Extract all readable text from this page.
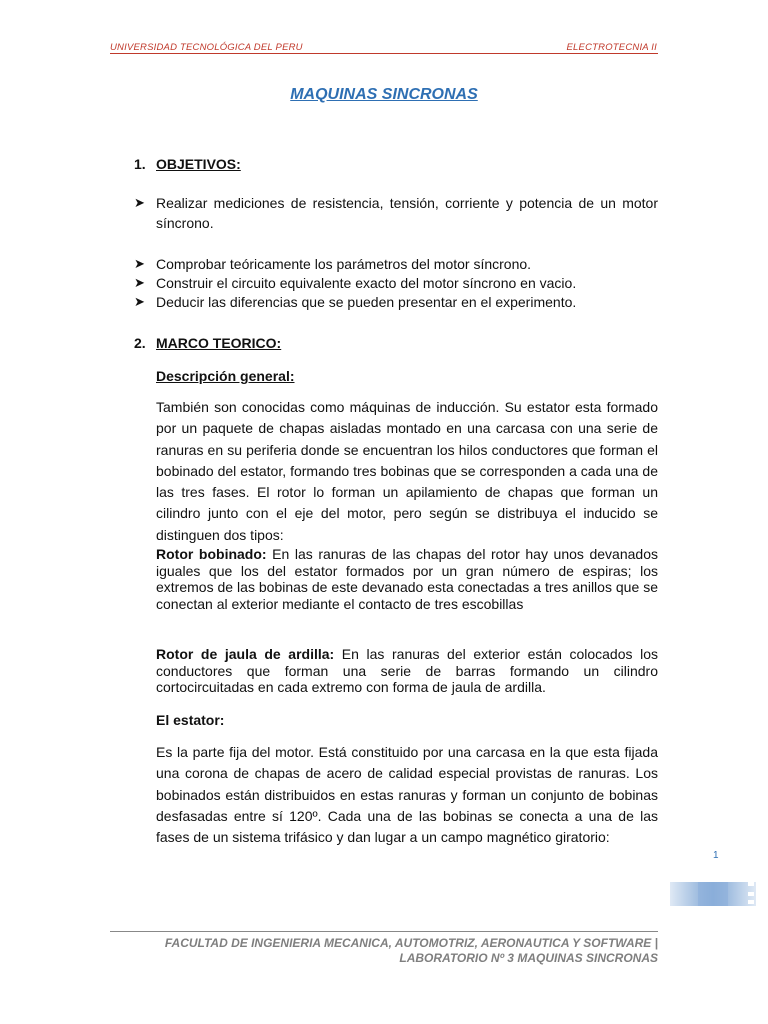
UNIVERSIDAD TECNOLÓGICA DEL PERU	ELECTROTECNIA II
MAQUINAS SINCRONAS
1. OBJETIVOS:
➤ Realizar mediciones de resistencia, tensión, corriente y potencia de un motor síncrono.
➤ Comprobar teóricamente los parámetros del motor síncrono.
➤ Construir el circuito equivalente exacto del motor síncrono en vacio.
➤ Deducir las diferencias que se pueden presentar en el experimento.
2. MARCO TEORICO:
Descripción general:
También son conocidas como máquinas de inducción. Su estator esta formado por un paquete de chapas aisladas montado en una carcasa con una serie de ranuras en su periferia donde se encuentran los hilos conductores que forman el bobinado del estator, formando tres bobinas que se corresponden a cada una de las tres fases. El rotor lo forman un apilamiento de chapas que forman un cilindro junto con el eje del motor, pero según se distribuya el inducido se distinguen dos tipos:
Rotor bobinado: En las ranuras de las chapas del rotor hay unos devanados iguales que los del estator formados por un gran número de espiras; los extremos de las bobinas de este devanado esta conectadas a tres anillos que se conectan al exterior mediante el contacto de tres escobillas
Rotor de jaula de ardilla: En las ranuras del exterior están colocados los conductores que forman una serie de barras formando un cilindro cortocircuitadas en cada extremo con forma de jaula de ardilla.
El estator:
Es la parte fija del motor. Está constituido por una carcasa en la que esta fijada una corona de chapas de acero de calidad especial provistas de ranuras. Los bobinados están distribuidos en estas ranuras y forman un conjunto de bobinas desfasadas entre sí 120º. Cada una de las bobinas se conecta a una de las fases de un sistema trifásico y dan lugar a un campo magnético giratorio:
1
FACULTAD DE INGENIERIA MECANICA, AUTOMOTRIZ, AERONAUTICA Y SOFTWARE |
LABORATORIO Nº 3 MAQUINAS SINCRONAS
